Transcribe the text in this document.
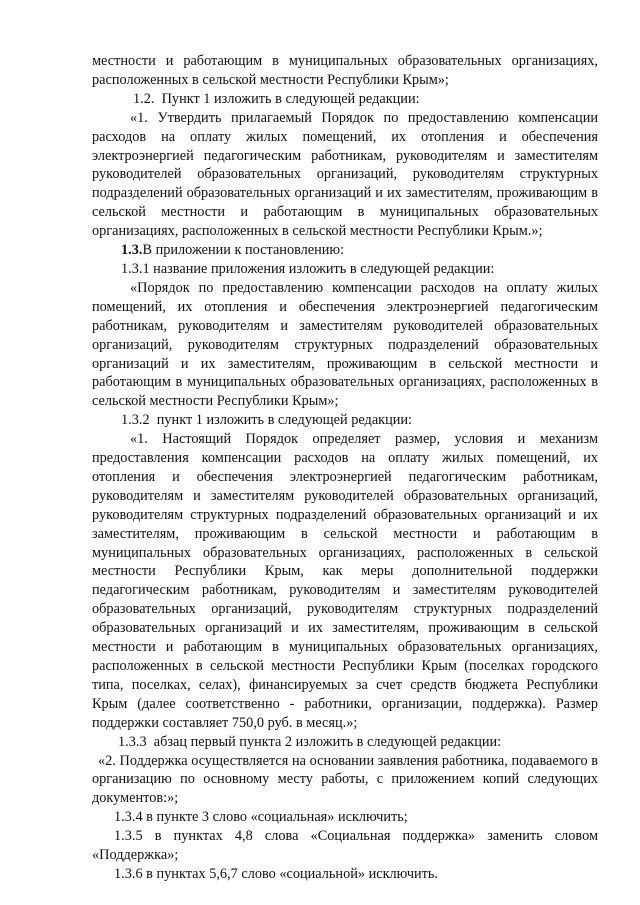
местности и работающим в муниципальных образовательных организациях, расположенных в сельской местности Республики Крым»;

1.2.  Пункт 1 изложить в следующей редакции:

«1. Утвердить прилагаемый Порядок по предоставлению компенсации расходов на оплату жилых помещений, их отопления и обеспечения электроэнергией педагогическим работникам, руководителям и заместителям руководителей образовательных организаций, руководителям структурных подразделений образовательных организаций и их заместителям, проживающим в сельской местности и работающим в муниципальных образовательных организациях, расположенных в сельской местности Республики Крым.»;

1.3.В приложении к постановлению:

1.3.1 название приложения изложить в следующей редакции:

«Порядок по предоставлению компенсации расходов на оплату жилых помещений, их отопления и обеспечения электроэнергией педагогическим работникам, руководителям и заместителям руководителей образовательных организаций, руководителям структурных подразделений образовательных организаций и их заместителям, проживающим в сельской местности и работающим в муниципальных образовательных организациях, расположенных в сельской местности Республики Крым»;

1.3.2  пункт 1 изложить в следующей редакции:

«1. Настоящий Порядок определяет размер, условия и механизм предоставления компенсации расходов на оплату жилых помещений, их отопления и обеспечения электроэнергией педагогическим работникам, руководителям и заместителям руководителей образовательных организаций, руководителям структурных подразделений образовательных организаций и их заместителям, проживающим в сельской местности и работающим в муниципальных образовательных организациях, расположенных в сельской местности Республики Крым, как меры дополнительной поддержки педагогическим работникам, руководителям и заместителям руководителей образовательных организаций, руководителям структурных подразделений образовательных организаций и их заместителям, проживающим в сельской местности и работающим в муниципальных образовательных организациях, расположенных в сельской местности Республики Крым (поселках городского типа, поселках, селах), финансируемых за счет средств бюджета Республики Крым (далее соответственно - работники, организации, поддержка). Размер поддержки составляет 750,0 руб. в месяц.»;

1.3.3  абзац первый пункта 2 изложить в следующей редакции:

«2. Поддержка осуществляется на основании заявления работника, подаваемого в организацию по основному месту работы, с приложением копий следующих документов:»;

1.3.4 в пункте 3 слово «социальная» исключить;

1.3.5 в пунктах 4,8 слова «Социальная поддержка» заменить словом «Поддержка»;

1.3.6 в пунктах 5,6,7 слово «социальной» исключить.
